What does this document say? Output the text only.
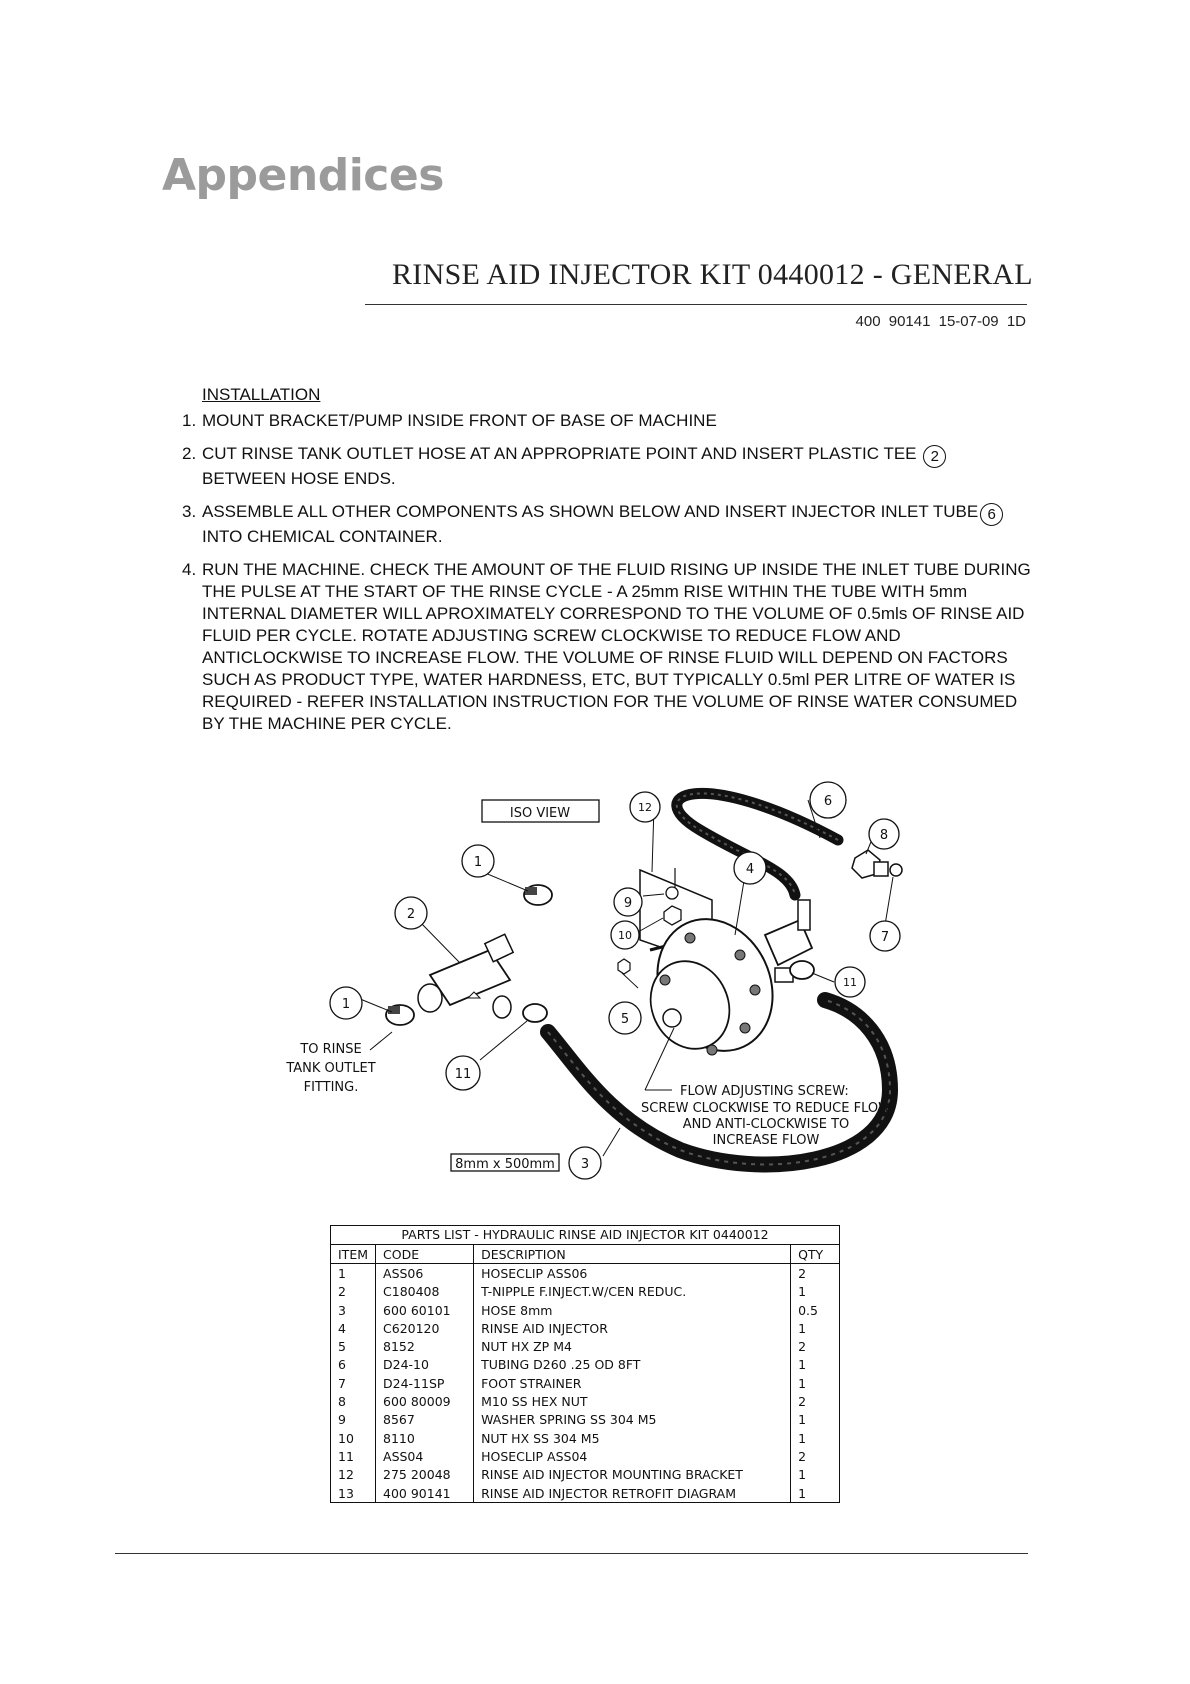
Appendices
RINSE AID INJECTOR KIT 0440012 - GENERAL
400 90141 15-07-09 1D
INSTALLATION
1. MOUNT BRACKET/PUMP INSIDE FRONT OF BASE OF MACHINE
2. CUT RINSE TANK OUTLET HOSE AT AN APPROPRIATE POINT AND INSERT PLASTIC TEE 2 BETWEEN HOSE ENDS.
3. ASSEMBLE ALL OTHER COMPONENTS AS SHOWN BELOW AND INSERT INJECTOR INLET TUBE 6INTO CHEMICAL CONTAINER.
4. RUN THE MACHINE. CHECK THE AMOUNT OF THE FLUID RISING UP INSIDE THE INLET TUBE DURING THE PULSE AT THE START OF THE RINSE CYCLE - A 25mm RISE WITHIN THE TUBE WITH 5mm INTERNAL DIAMETER WILL APROXIMATELY CORRESPOND TO THE VOLUME OF 0.5mls OF RINSE AID FLUID PER CYCLE. ROTATE ADJUSTING SCREW CLOCKWISE TO REDUCE FLOW AND ANTICLOCKWISE TO INCREASE FLOW. THE VOLUME OF RINSE FLUID WILL DEPEND ON FACTORS SUCH AS PRODUCT TYPE, WATER HARDNESS, ETC, BUT TYPICALLY 0.5ml PER LITRE OF WATER IS REQUIRED - REFER INSTALLATION INSTRUCTION FOR THE VOLUME OF RINSE WATER CONSUMED BY THE MACHINE PER CYCLE.
ISO VIEW
1
1
2
3
4
5
6
7
8
9
10
11
11
12
TO RINSE
TANK OUTLET
FITTING.	FLOW ADJUSTING SCREW:
SCREW CLOCKWISE TO REDUCE FLOW
AND ANTI-CLOCKWISE TO
INCREASE FLOW
8mm x 500mm
PARTS LIST - HYDRAULIC RINSE AID INJECTOR KIT 0440012
ITEM	CODE	DESCRIPTION	QTY
1	ASS06	HOSECLIP ASS06	2
2	C180408	T-NIPPLE F.INJECT.W/CEN REDUC.	1
3	600 60101	HOSE 8mm	0.5
4	C620120	RINSE AID INJECTOR	1
5	8152	NUT HX ZP M4	2
6	D24-10	TUBING D260 .25 OD 8FT	1
7	D24-11SP	FOOT STRAINER	1
8	600 80009	M10 SS HEX NUT	2
9	8567	WASHER SPRING SS 304 M5	1
10	8110	NUT HX SS 304 M5	1
11	ASS04	HOSECLIP ASS04	2
12	275 20048	RINSE AID INJECTOR MOUNTING BRACKET	1
13	400 90141	RINSE AID INJECTOR RETROFIT DIAGRAM	1
